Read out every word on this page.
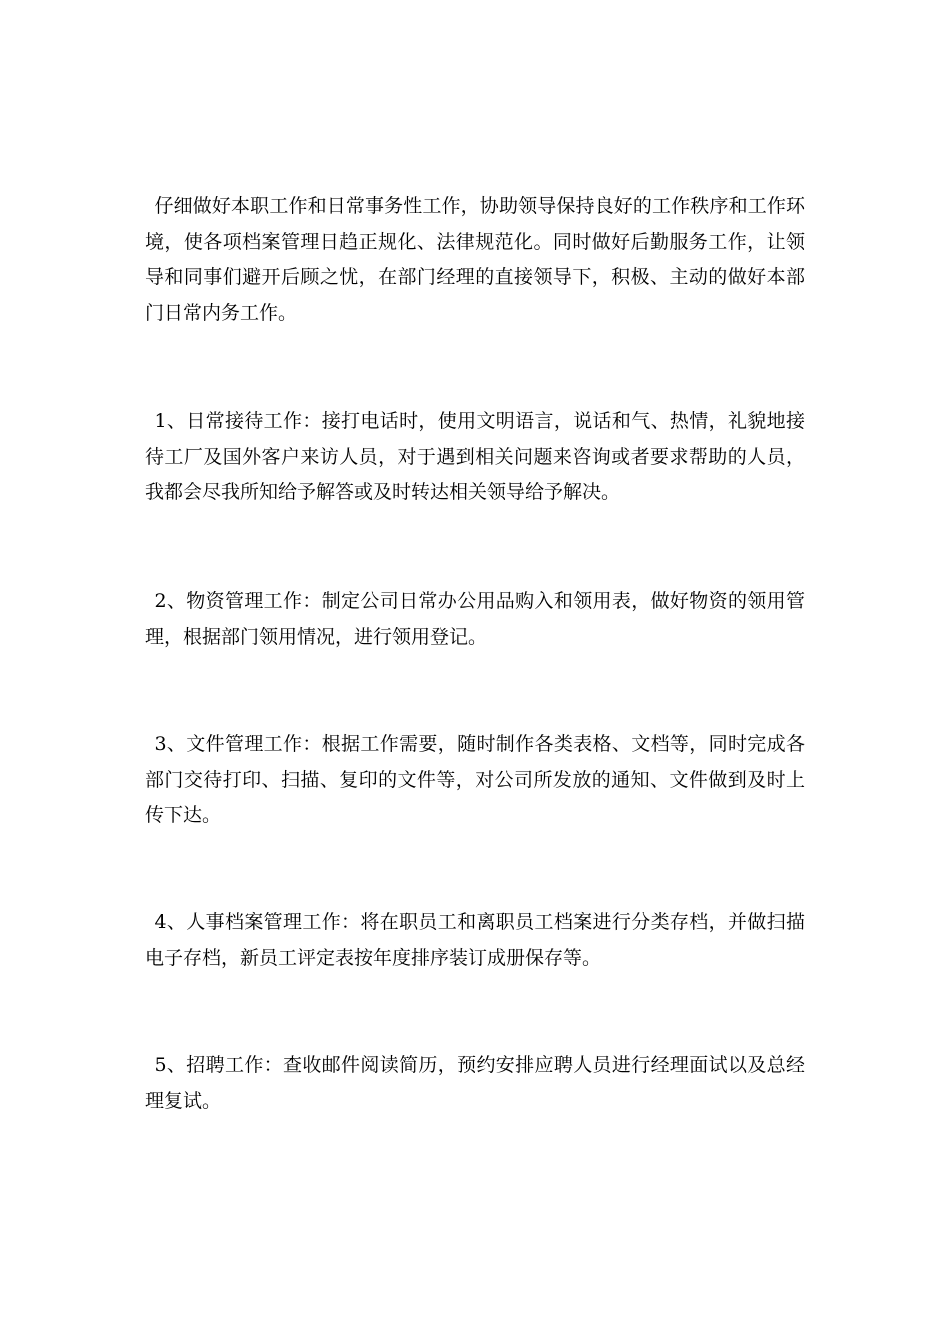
仔细做好本职工作和日常事务性工作，协助领导保持良好的工作秩序和工作环境，使各项档案管理日趋正规化、法律规范化。同时做好后勤服务工作，让领导和同事们避开后顾之忧，在部门经理的直接领导下，积极、主动的做好本部门日常内务工作。

1、日常接待工作：接打电话时，使用文明语言，说话和气、热情，礼貌地接待工厂及国外客户来访人员，对于遇到相关问题来咨询或者要求帮助的人员，我都会尽我所知给予解答或及时转达相关领导给予解决。

2、物资管理工作：制定公司日常办公用品购入和领用表，做好物资的领用管理，根据部门领用情况，进行领用登记。

3、文件管理工作：根据工作需要，随时制作各类表格、文档等，同时完成各部门交待打印、扫描、复印的文件等，对公司所发放的通知、文件做到及时上传下达。

4、人事档案管理工作：将在职员工和离职员工档案进行分类存档，并做扫描电子存档，新员工评定表按年度排序装订成册保存等。

5、招聘工作：查收邮件阅读简历，预约安排应聘人员进行经理面试以及总经理复试。
